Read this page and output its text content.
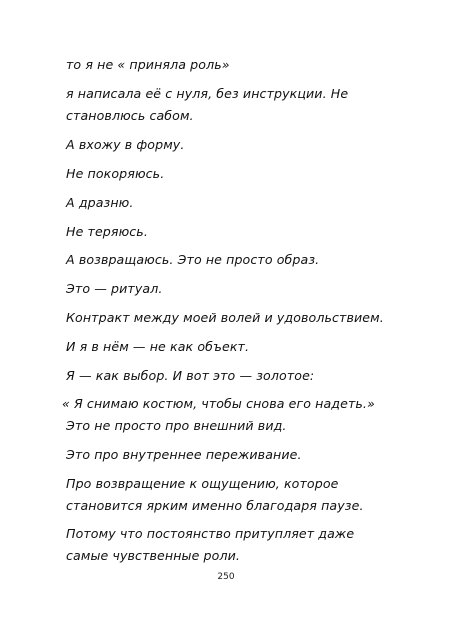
то я не « приняла роль»
я написала её с нуля, без инструкции. Не
становлюсь сабом.
А вхожу в форму.
Не покоряюсь.
А дразню.
Не теряюсь.
А возвращаюсь. Это не просто образ.
Это — ритуал.
Контракт между моей волей и удовольствием.
И я в нём — не как объект.
Я — как выбор. И вот это — золотое:
« Я снимаю костюм, чтобы снова его надеть.»
Это не просто про внешний вид.
Это про внутреннее переживание.
Про возвращение к ощущению, которое
становится ярким именно благодаря паузе.
Потому что постоянство притупляет даже
самые чувственные роли.
250
